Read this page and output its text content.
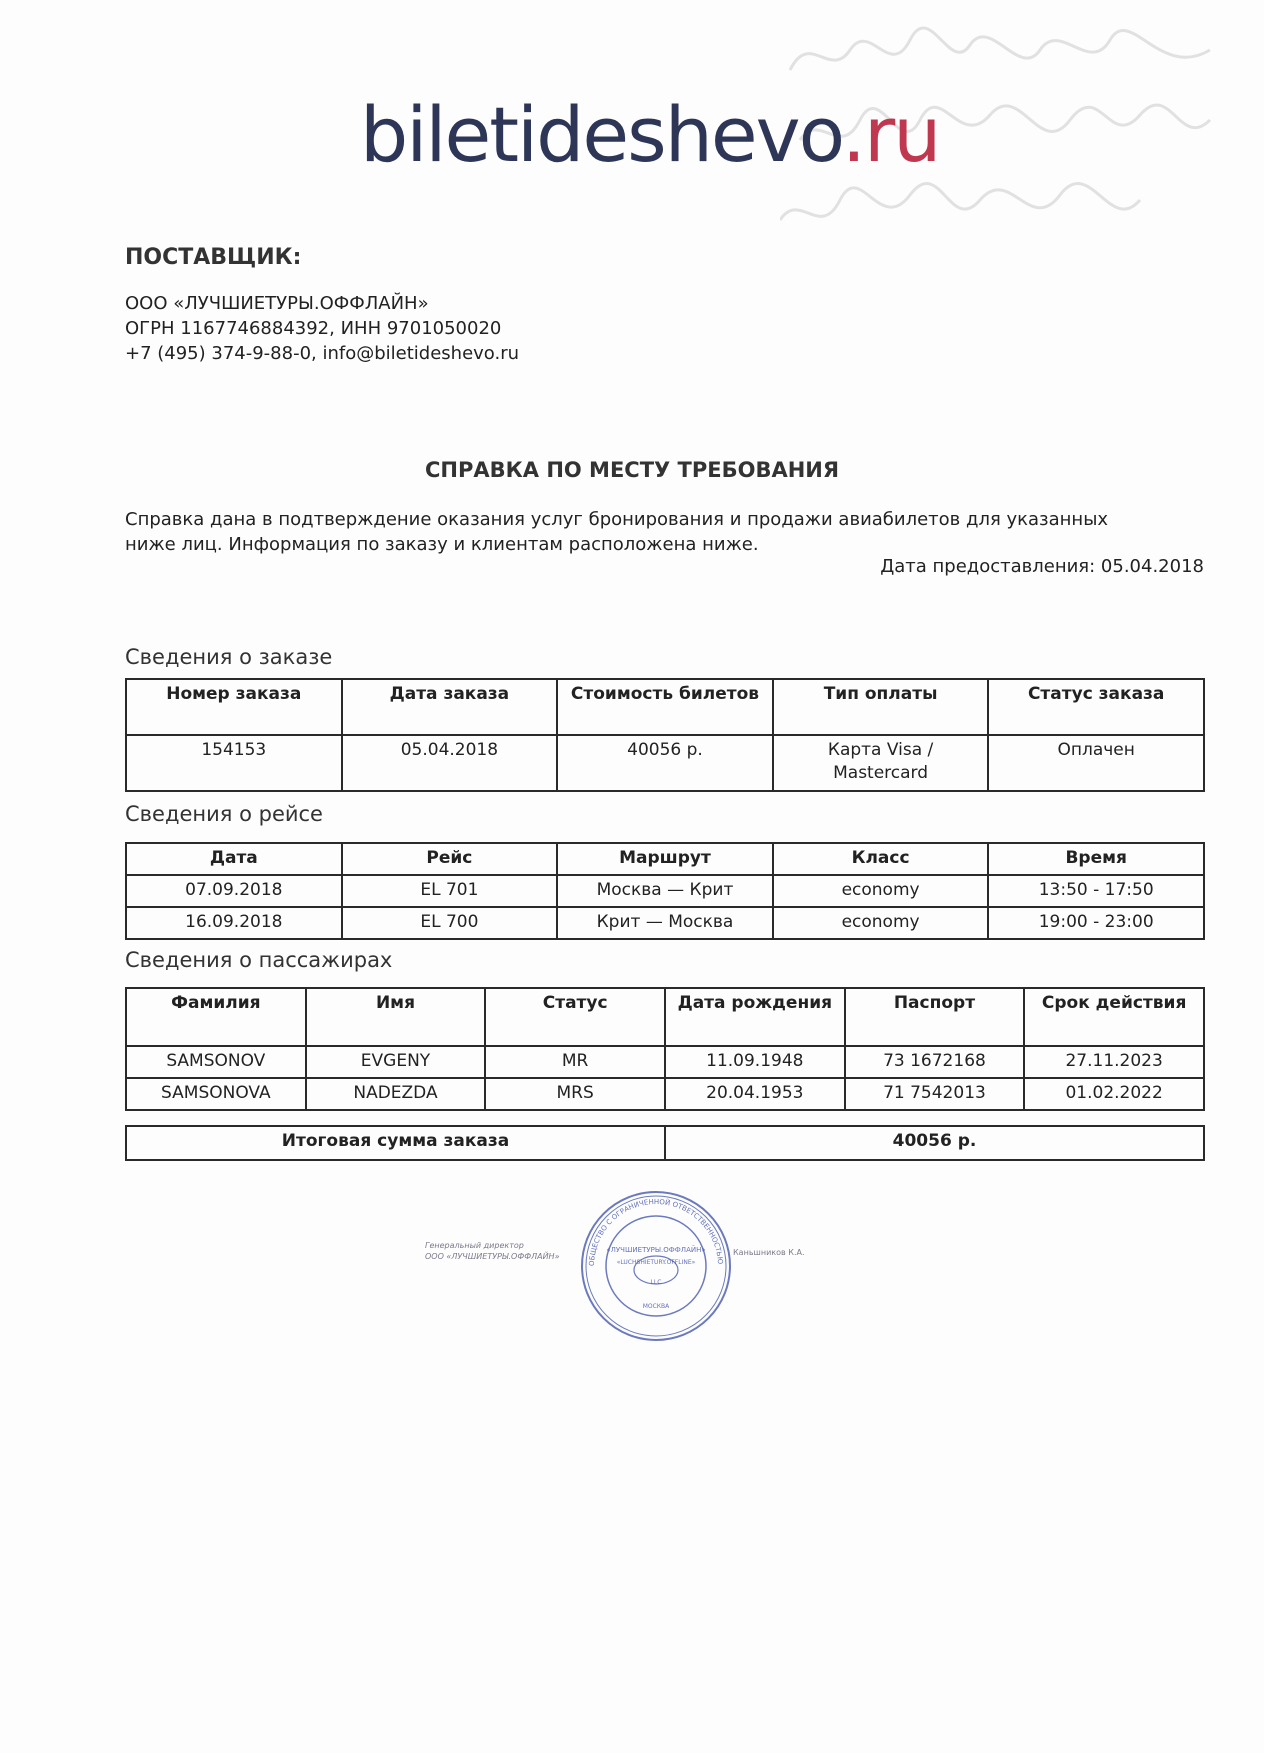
biletideshevo.ru
ПОСТАВЩИК:
ООО «ЛУЧШИЕТУРЫ.ОФФЛАЙН»
ОГРН 1167746884392, ИНН 9701050020
+7 (495) 374-9-88-0, info@biletideshevo.ru
СПРАВКА ПО МЕСТУ ТРЕБОВАНИЯ
Справка дана в подтверждение оказания услуг бронирования и продажи авиабилетов для указанных ниже лиц. Информация по заказу и клиентам расположена ниже.
Дата предоставления: 05.04.2018
Сведения о заказе
Номер заказа	Дата заказа	Стоимость билетов	Тип оплаты	Статус заказа
154153	05.04.2018	40056 р.	Карта Visa / Mastercard	Оплачен
Сведения о рейсе
Дата	Рейс	Маршрут	Класс	Время
07.09.2018	EL 701	Москва — Крит	economy	13:50 - 17:50
16.09.2018	EL 700	Крит — Москва	economy	19:00 - 23:00
Сведения о пассажирах
Фамилия	Имя	Статус	Дата рождения	Паспорт	Срок действия
SAMSONOV	EVGENY	MR	11.09.1948	73 1672168	27.11.2023
SAMSONOVA	NADEZDA	MRS	20.04.1953	71 7542013	01.02.2022
Итоговая сумма заказа	40056 р.
Генеральный директор
ООО «ЛУЧШИЕТУРЫ.ОФФЛАЙН»	Каньшников К.А.
ОБЩЕСТВО С ОГРАНИЧЕННОЙ ОТВЕТСТВЕННОСТЬЮ
«ЛУЧШИЕТУРЫ.ОФФЛАЙН»
«LUCHSHIETURY.OFFLINE»
LLC
МОСКВА
